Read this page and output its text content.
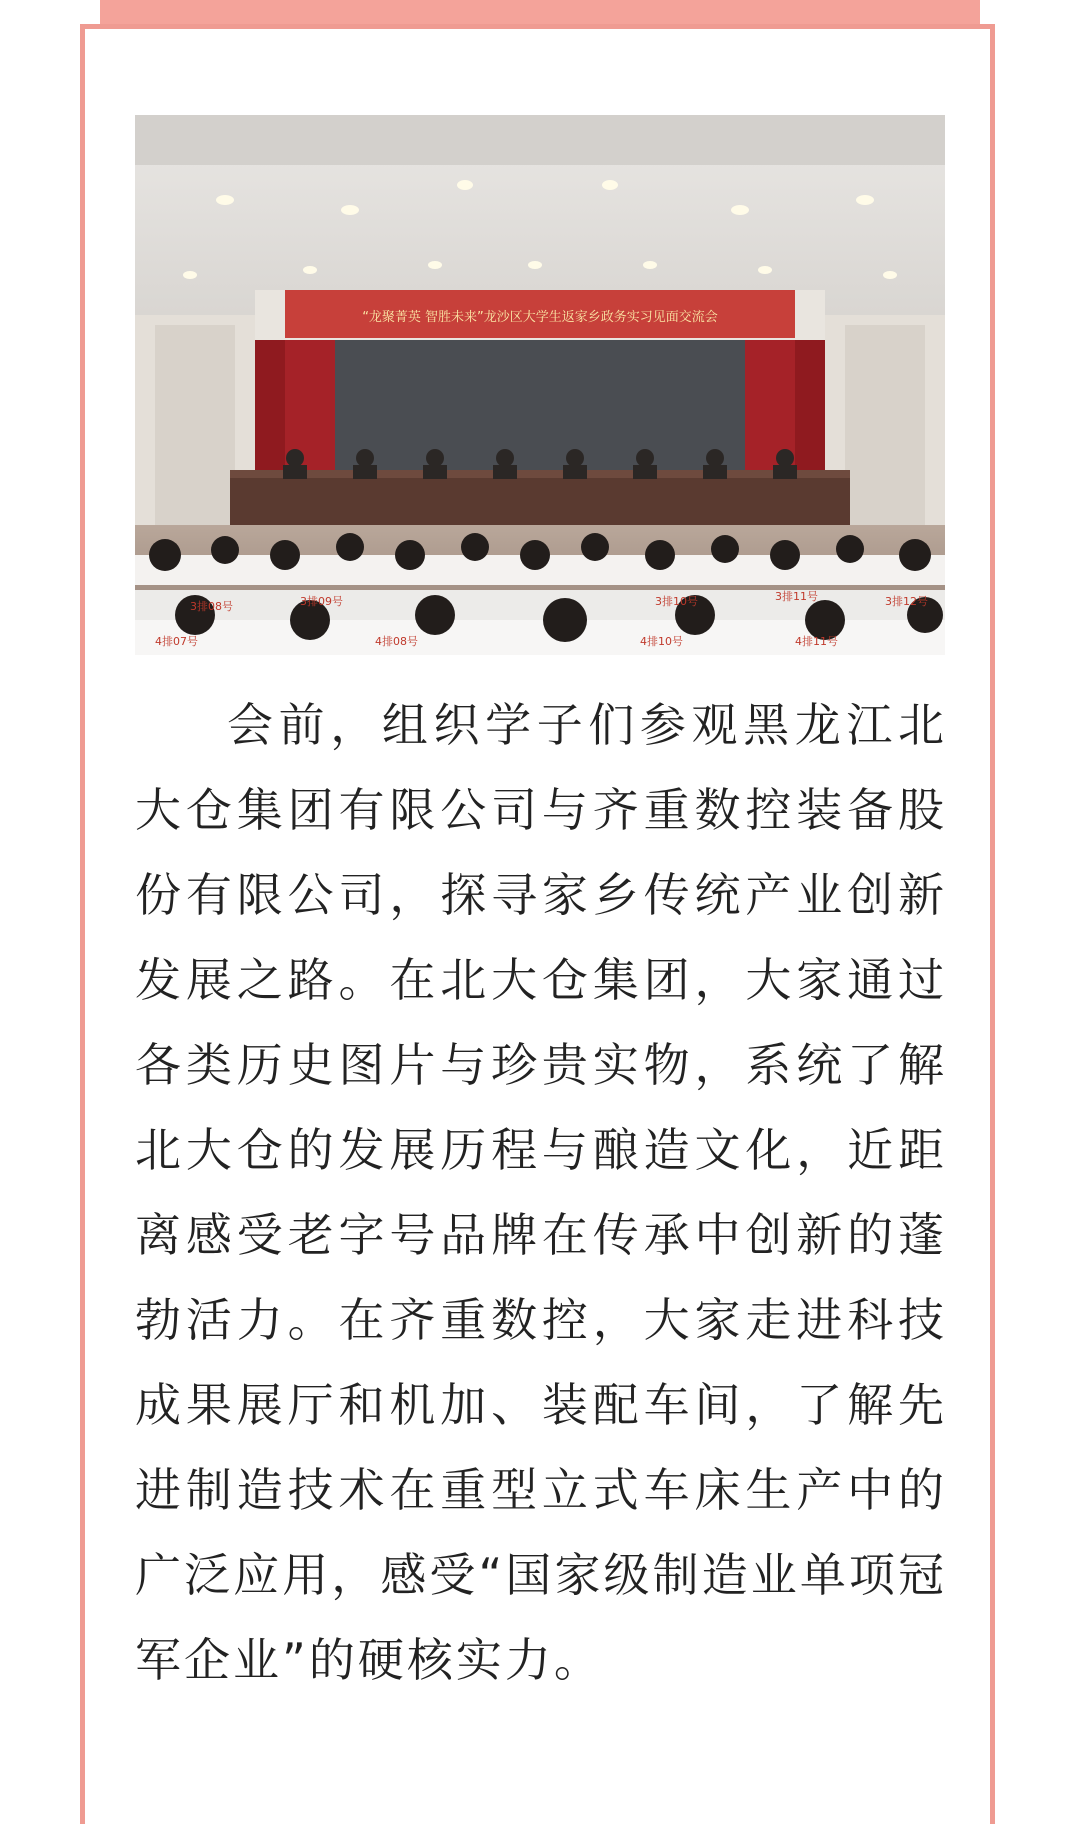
“龙聚菁英 智胜未来”龙沙区大学生返家乡政务实习见面交流会
3排08号	3排09号
4排07号	4排08号	4排10号	4排11号
3排10号	3排11号	3排12号

会前，组织学子们参观黑龙江北大仓集团有限公司与齐重数控装备股份有限公司，探寻家乡传统产业创新发展之路。在北大仓集团，大家通过各类历史图片与珍贵实物，系统了解北大仓的发展历程与酿造文化，近距离感受老字号品牌在传承中创新的蓬勃活力。在齐重数控，大家走进科技成果展厅和机加、装配车间，了解先进制造技术在重型立式车床生产中的广泛应用，感受“国家级制造业单项冠军企业”的硬核实力。
